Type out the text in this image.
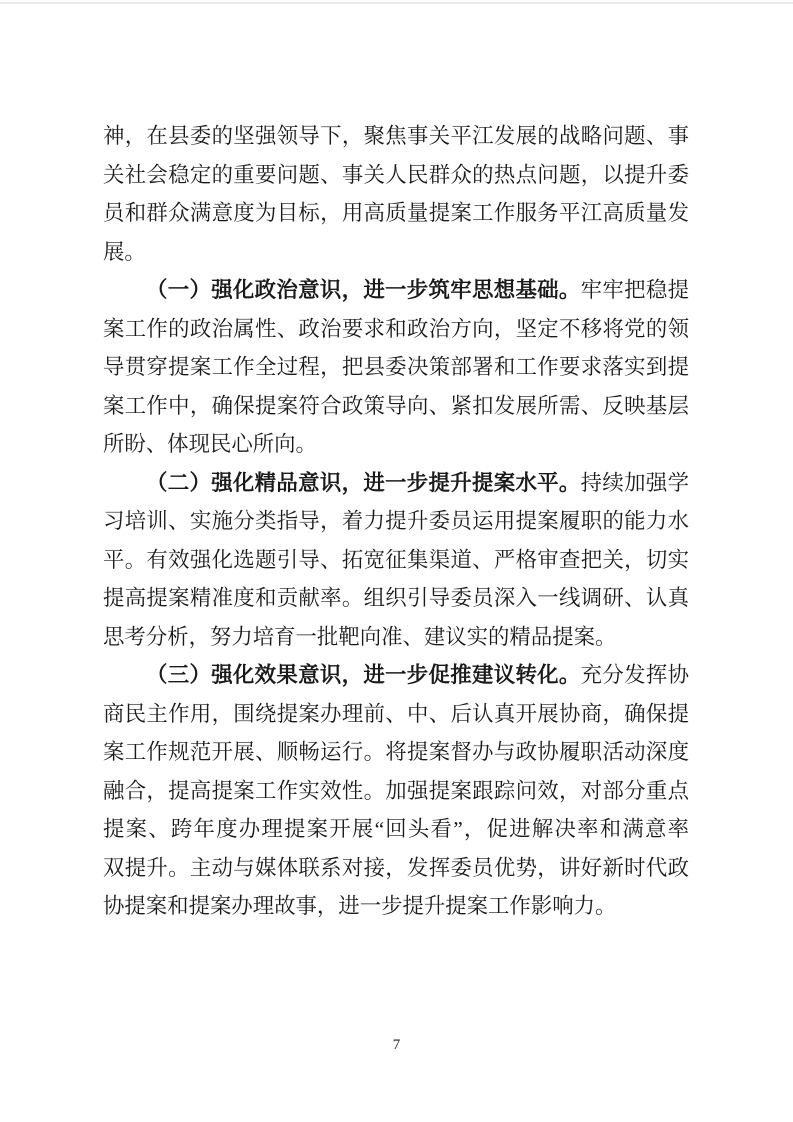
神，在县委的坚强领导下，聚焦事关平江发展的战略问题、事
关社会稳定的重要问题、事关人民群众的热点问题，以提升委
员和群众满意度为目标，用高质量提案工作服务平江高质量发
展。
（一）强化政治意识，进一步筑牢思想基础。牢牢把稳提
案工作的政治属性、政治要求和政治方向，坚定不移将党的领
导贯穿提案工作全过程，把县委决策部署和工作要求落实到提
案工作中，确保提案符合政策导向、紧扣发展所需、反映基层
所盼、体现民心所向。
（二）强化精品意识，进一步提升提案水平。持续加强学
习培训、实施分类指导，着力提升委员运用提案履职的能力水
平。有效强化选题引导、拓宽征集渠道、严格审查把关，切实
提高提案精准度和贡献率。组织引导委员深入一线调研、认真
思考分析，努力培育一批靶向准、建议实的精品提案。
（三）强化效果意识，进一步促推建议转化。充分发挥协
商民主作用，围绕提案办理前、中、后认真开展协商，确保提
案工作规范开展、顺畅运行。将提案督办与政协履职活动深度
融合，提高提案工作实效性。加强提案跟踪问效，对部分重点
提案、跨年度办理提案开展“回头看”，促进解决率和满意率
双提升。主动与媒体联系对接，发挥委员优势，讲好新时代政
协提案和提案办理故事，进一步提升提案工作影响力。
7
